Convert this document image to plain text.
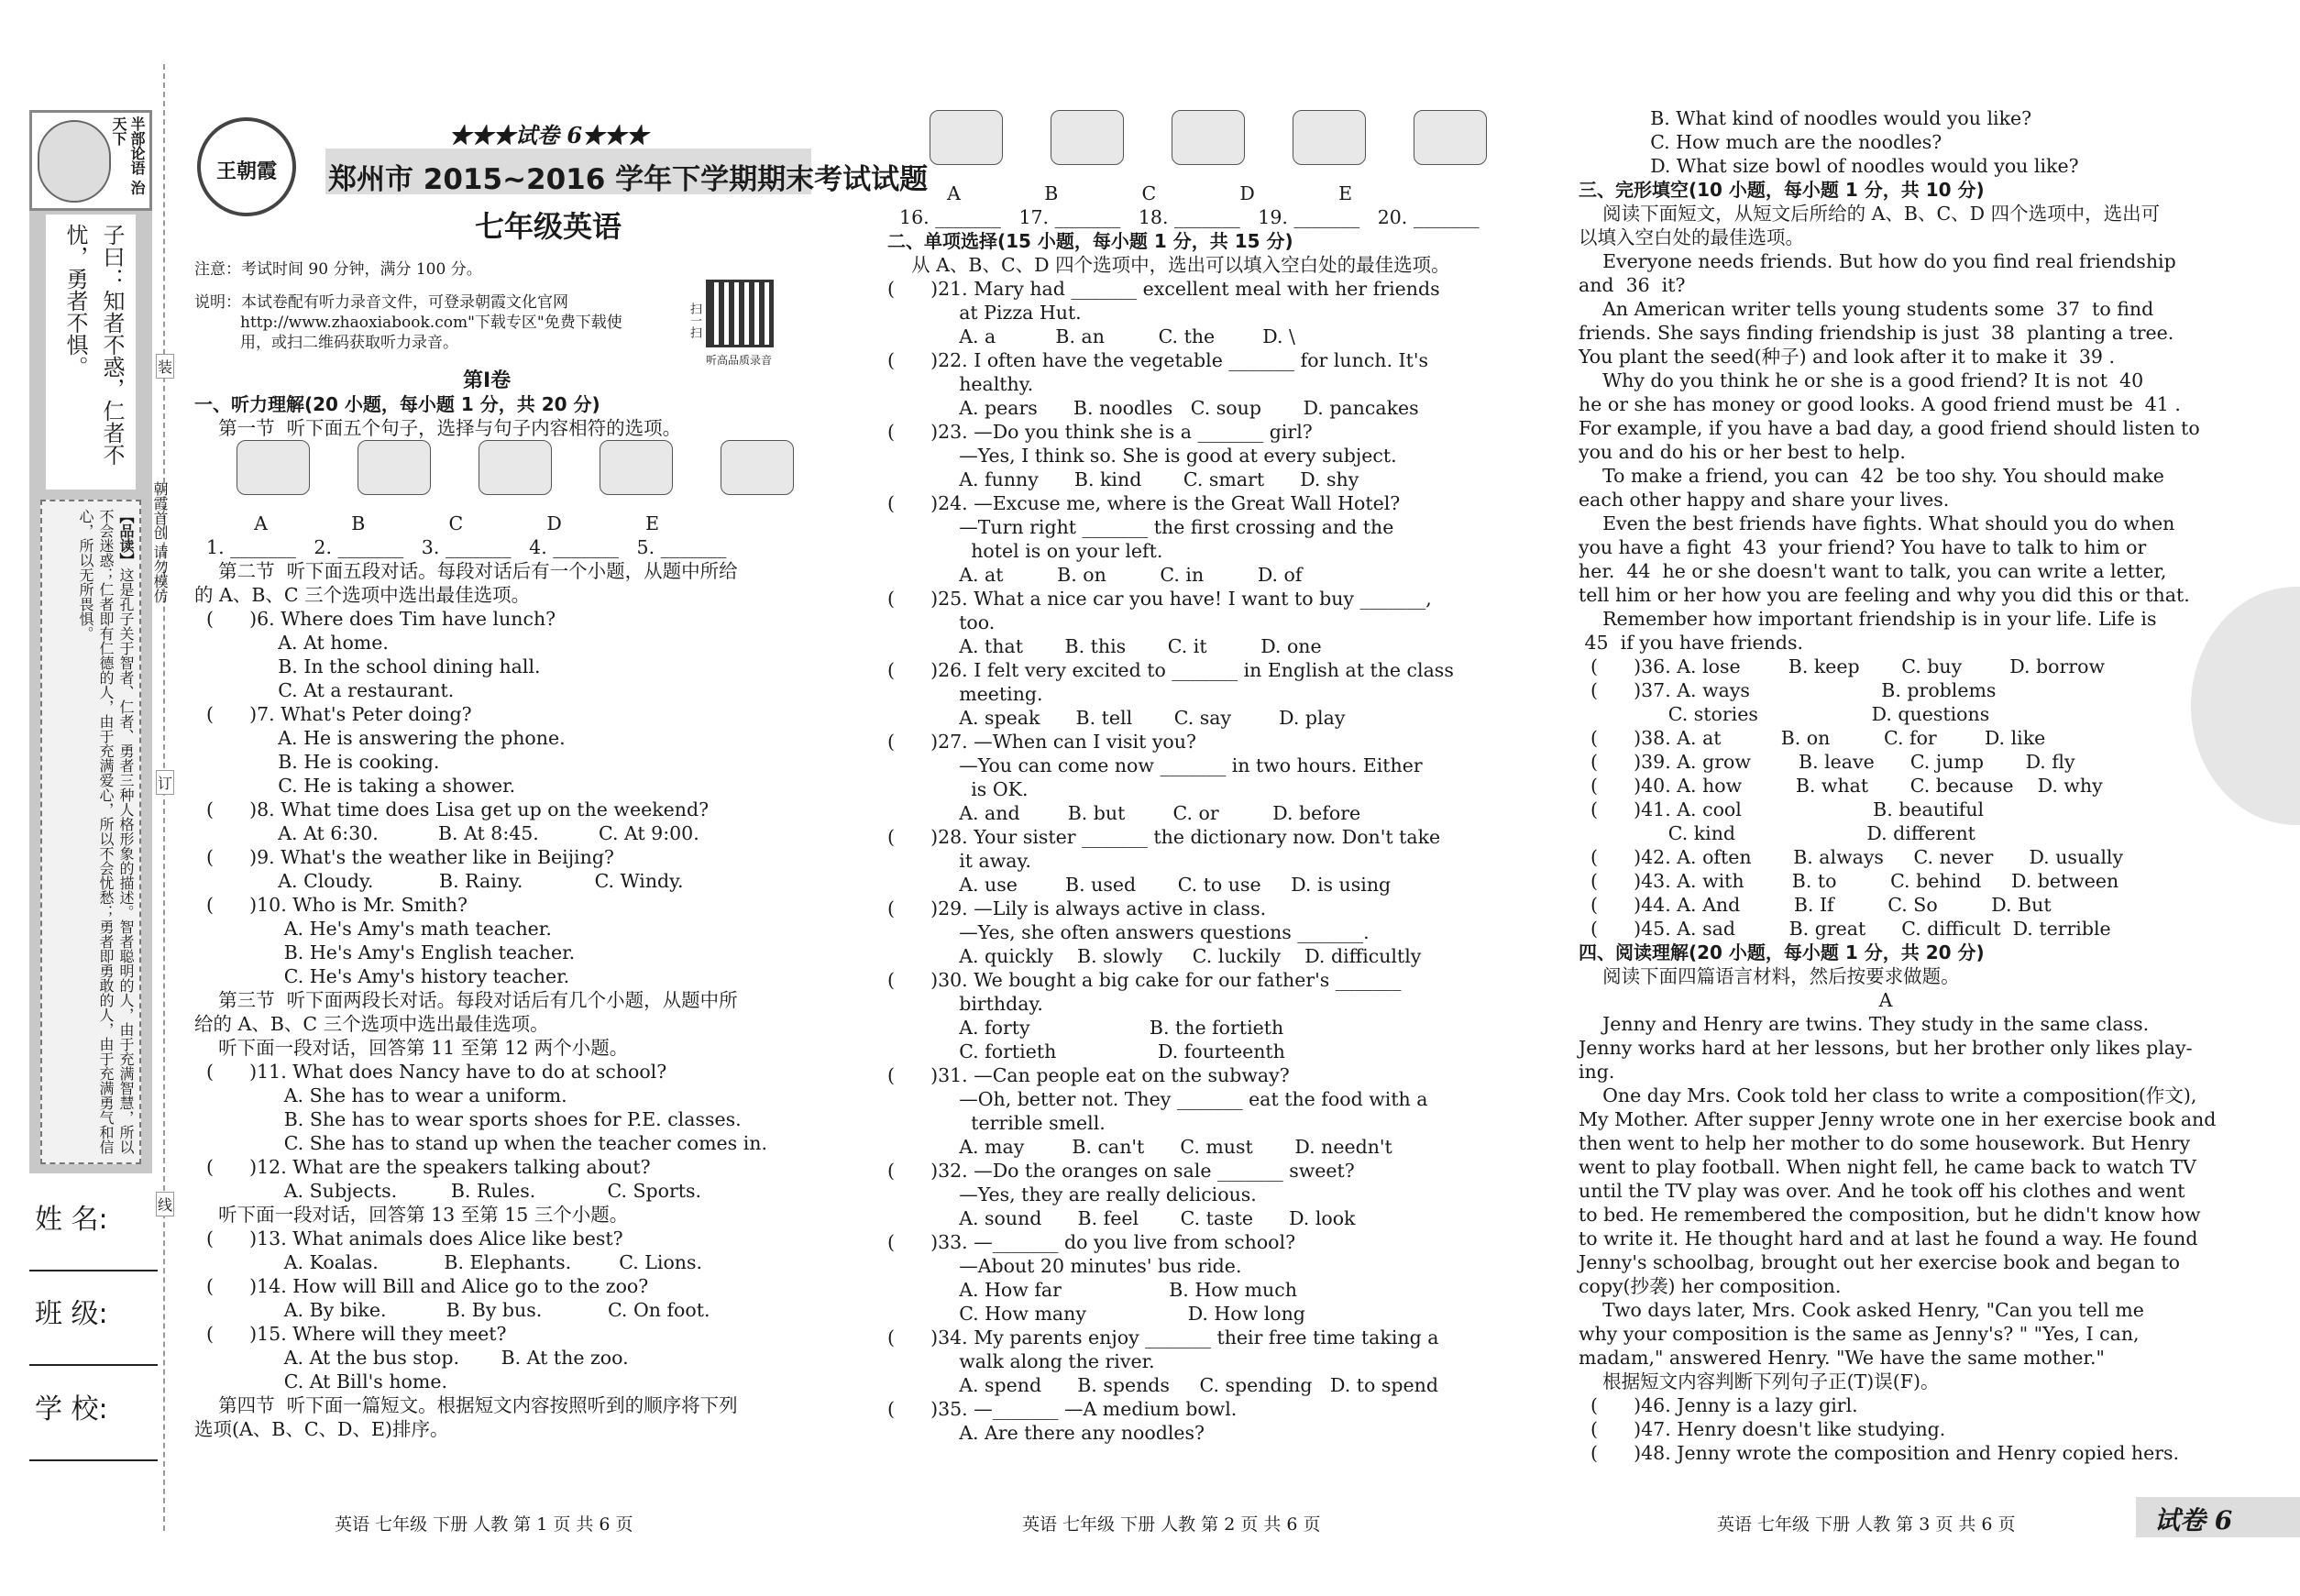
半部论语 治天下
子曰：知者不惑，仁者不忧，勇者不惧。
【品读】这是孔子关于智者、仁者、勇者三种人格形象的描述。智者聪明的人，由于充满智慧，所以不会迷惑；仁者即有仁德的人，由于充满爱心，所以不会忧愁；勇者即勇敢的人，由于充满勇气和信心，所以无所畏惧。
姓 名:
班 级:
学 校:
装
订
线
朝霞首创 请勿模仿
王朝霞
★★★试卷 6★★★
郑州市 2015~2016 学年下学期期末考试试题
七年级英语
注意：考试时间 90 分钟，满分 100 分。
说明：本试卷配有听力录音文件，可登录朝霞文化官网
http://www.zhaoxiabook.com"下载专区"免费下载使
用，或扫二维码获取听力录音。
扫一扫
听高品质录音
第Ⅰ卷
一、听力理解(20 小题，每小题 1 分，共 20 分)
第一节  听下面五个句子，选择与句子内容相符的选项。
A              B              C              D              E
1. _______   2. _______   3. _______   4. _______   5. _______
第二节  听下面五段对话。每段对话后有一个小题，从题中所给
的 A、B、C 三个选项中选出最佳选项。
(      )6. Where does Tim have lunch?
A. At home.
B. In the school dining hall.
C. At a restaurant.
(      )7. What's Peter doing?
A. He is answering the phone.
B. He is cooking.
C. He is taking a shower.
(      )8. What time does Lisa get up on the weekend?
A. At 6:30.          B. At 8:45.          C. At 9:00.
(      )9. What's the weather like in Beijing?
A. Cloudy.           B. Rainy.            C. Windy.
(      )10. Who is Mr. Smith?
A. He's Amy's math teacher.
B. He's Amy's English teacher.
C. He's Amy's history teacher.
第三节  听下面两段长对话。每段对话后有几个小题，从题中所
给的 A、B、C 三个选项中选出最佳选项。
听下面一段对话，回答第 11 至第 12 两个小题。
(      )11. What does Nancy have to do at school?
A. She has to wear a uniform.
B. She has to wear sports shoes for P.E. classes.
C. She has to stand up when the teacher comes in.
(      )12. What are the speakers talking about?
A. Subjects.         B. Rules.            C. Sports.
听下面一段对话，回答第 13 至第 15 三个小题。
(      )13. What animals does Alice like best?
A. Koalas.           B. Elephants.        C. Lions.
(      )14. How will Bill and Alice go to the zoo?
A. By bike.          B. By bus.           C. On foot.
(      )15. Where will they meet?
A. At the bus stop.       B. At the zoo.
C. At Bill's home.
第四节  听下面一篇短文。根据短文内容按照听到的顺序将下列
选项(A、B、C、D、E)排序。
A              B              C              D              E
16. _______   17. _______   18. _______   19. _______   20. _______
二、单项选择(15 小题，每小题 1 分，共 15 分)
从 A、B、C、D 四个选项中，选出可以填入空白处的最佳选项。
(      )21. Mary had _______ excellent meal with her friends
at Pizza Hut.
A. a          B. an         C. the        D. \
(      )22. I often have the vegetable _______ for lunch. It's
healthy.
A. pears      B. noodles   C. soup       D. pancakes
(      )23. —Do you think she is a _______ girl?
—Yes, I think so. She is good at every subject.
A. funny      B. kind       C. smart      D. shy
(      )24. —Excuse me, where is the Great Wall Hotel?
—Turn right _______ the first crossing and the
hotel is on your left.
A. at         B. on         C. in         D. of
(      )25. What a nice car you have! I want to buy _______,
too.
A. that       B. this       C. it         D. one
(      )26. I felt very excited to _______ in English at the class
meeting.
A. speak      B. tell       C. say        D. play
(      )27. —When can I visit you?
—You can come now _______ in two hours. Either
is OK.
A. and        B. but        C. or         D. before
(      )28. Your sister _______ the dictionary now. Don't take
it away.
A. use        B. used       C. to use     D. is using
(      )29. —Lily is always active in class.
—Yes, she often answers questions _______.
A. quickly    B. slowly     C. luckily    D. difficultly
(      )30. We bought a big cake for our father's _______
birthday.
A. forty                    B. the fortieth
C. fortieth                 D. fourteenth
(      )31. —Can people eat on the subway?
—Oh, better not. They _______ eat the food with a
terrible smell.
A. may        B. can't      C. must       D. needn't
(      )32. —Do the oranges on sale _______ sweet?
—Yes, they are really delicious.
A. sound      B. feel       C. taste      D. look
(      )33. —_______ do you live from school?
—About 20 minutes' bus ride.
A. How far                  B. How much
C. How many                 D. How long
(      )34. My parents enjoy _______ their free time taking a
walk along the river.
A. spend      B. spends     C. spending   D. to spend
(      )35. —_______ —A medium bowl.
A. Are there any noodles?
B. What kind of noodles would you like?
C. How much are the noodles?
D. What size bowl of noodles would you like?
三、完形填空(10 小题，每小题 1 分，共 10 分)
阅读下面短文，从短文后所给的 A、B、C、D 四个选项中，选出可
以填入空白处的最佳选项。
Everyone needs friends. But how do you find real friendship
and  36  it?
An American writer tells young students some  37  to find
friends. She says finding friendship is just  38  planting a tree.
You plant the seed(种子) and look after it to make it  39 .
Why do you think he or she is a good friend? It is not  40
he or she has money or good looks. A good friend must be  41 .
For example, if you have a bad day, a good friend should listen to
you and do his or her best to help.
To make a friend, you can  42  be too shy. You should make
each other happy and share your lives.
Even the best friends have fights. What should you do when
you have a fight  43  your friend? You have to talk to him or
her.  44  he or she doesn't want to talk, you can write a letter,
tell him or her how you are feeling and why you did this or that.
Remember how important friendship is in your life. Life is
45  if you have friends.
(      )36. A. lose        B. keep       C. buy        D. borrow
(      )37. A. ways                      B. problems
C. stories                   D. questions
(      )38. A. at          B. on         C. for        D. like
(      )39. A. grow        B. leave      C. jump       D. fly
(      )40. A. how         B. what       C. because    D. why
(      )41. A. cool                      B. beautiful
C. kind                      D. different
(      )42. A. often       B. always     C. never      D. usually
(      )43. A. with        B. to         C. behind     D. between
(      )44. A. And         B. If         C. So         D. But
(      )45. A. sad         B. great      C. difficult  D. terrible
四、阅读理解(20 小题，每小题 1 分，共 20 分)
阅读下面四篇语言材料，然后按要求做题。
A
Jenny and Henry are twins. They study in the same class.
Jenny works hard at her lessons, but her brother only likes play-
ing.
One day Mrs. Cook told her class to write a composition(作文),
My Mother. After supper Jenny wrote one in her exercise book and
then went to help her mother to do some housework. But Henry
went to play football. When night fell, he came back to watch TV
until the TV play was over. And he took off his clothes and went
to bed. He remembered the composition, but he didn't know how
to write it. He thought hard and at last he found a way. He found
Jenny's schoolbag, brought out her exercise book and began to
copy(抄袭) her composition.
Two days later, Mrs. Cook asked Henry, "Can you tell me
why your composition is the same as Jenny's? " "Yes, I can,
madam," answered Henry. "We have the same mother."
根据短文内容判断下列句子正(T)误(F)。
(      )46. Jenny is a lazy girl.
(      )47. Henry doesn't like studying.
(      )48. Jenny wrote the composition and Henry copied hers.
英语 七年级 下册 人教 第 1 页 共 6 页	英语 七年级 下册 人教 第 2 页 共 6 页	英语 七年级 下册 人教 第 3 页 共 6 页	试卷 6
